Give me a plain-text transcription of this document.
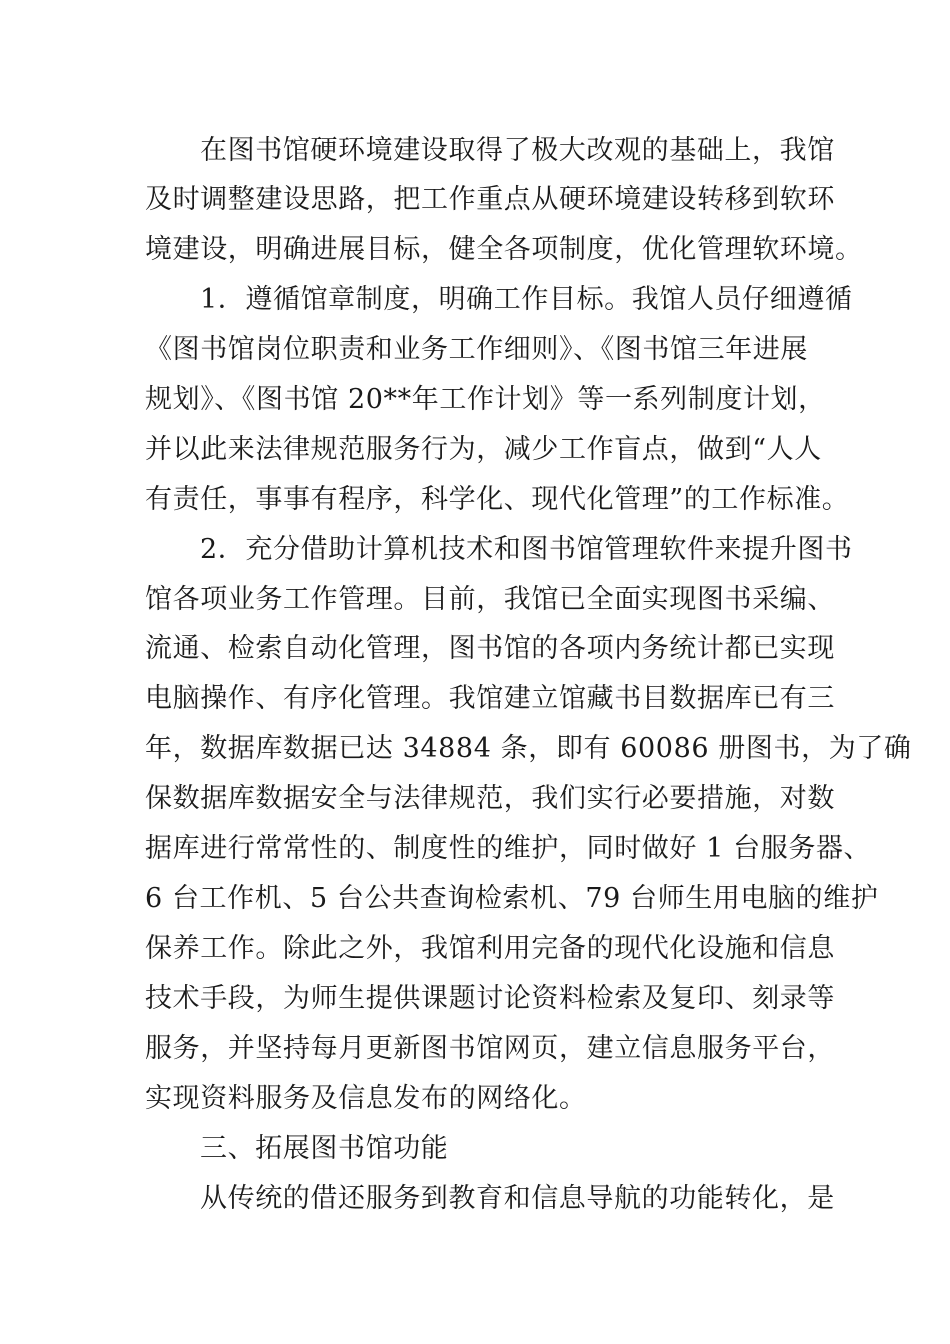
在图书馆硬环境建设取得了极大改观的基础上，我馆
及时调整建设思路，把工作重点从硬环境建设转移到软环
境建设，明确进展目标，健全各项制度，优化管理软环境。
1．遵循馆章制度，明确工作目标。我馆人员仔细遵循
《图书馆岗位职责和业务工作细则》、《图书馆三年进展
规划》、《图书馆 20**年工作计划》等一系列制度计划，
并以此来法律规范服务行为，减少工作盲点，做到“人人
有责任，事事有程序，科学化、现代化管理”的工作标准。
2．充分借助计算机技术和图书馆管理软件来提升图书
馆各项业务工作管理。目前，我馆已全面实现图书采编、
流通、检索自动化管理，图书馆的各项内务统计都已实现
电脑操作、有序化管理。我馆建立馆藏书目数据库已有三
年，数据库数据已达 34884 条，即有 60086 册图书，为了确
保数据库数据安全与法律规范，我们实行必要措施，对数
据库进行常常性的、制度性的维护，同时做好 1 台服务器、
6 台工作机、5 台公共查询检索机、79 台师生用电脑的维护
保养工作。除此之外，我馆利用完备的现代化设施和信息
技术手段，为师生提供课题讨论资料检索及复印、刻录等
服务，并坚持每月更新图书馆网页，建立信息服务平台，
实现资料服务及信息发布的网络化。
三、拓展图书馆功能
从传统的借还服务到教育和信息导航的功能转化，是
